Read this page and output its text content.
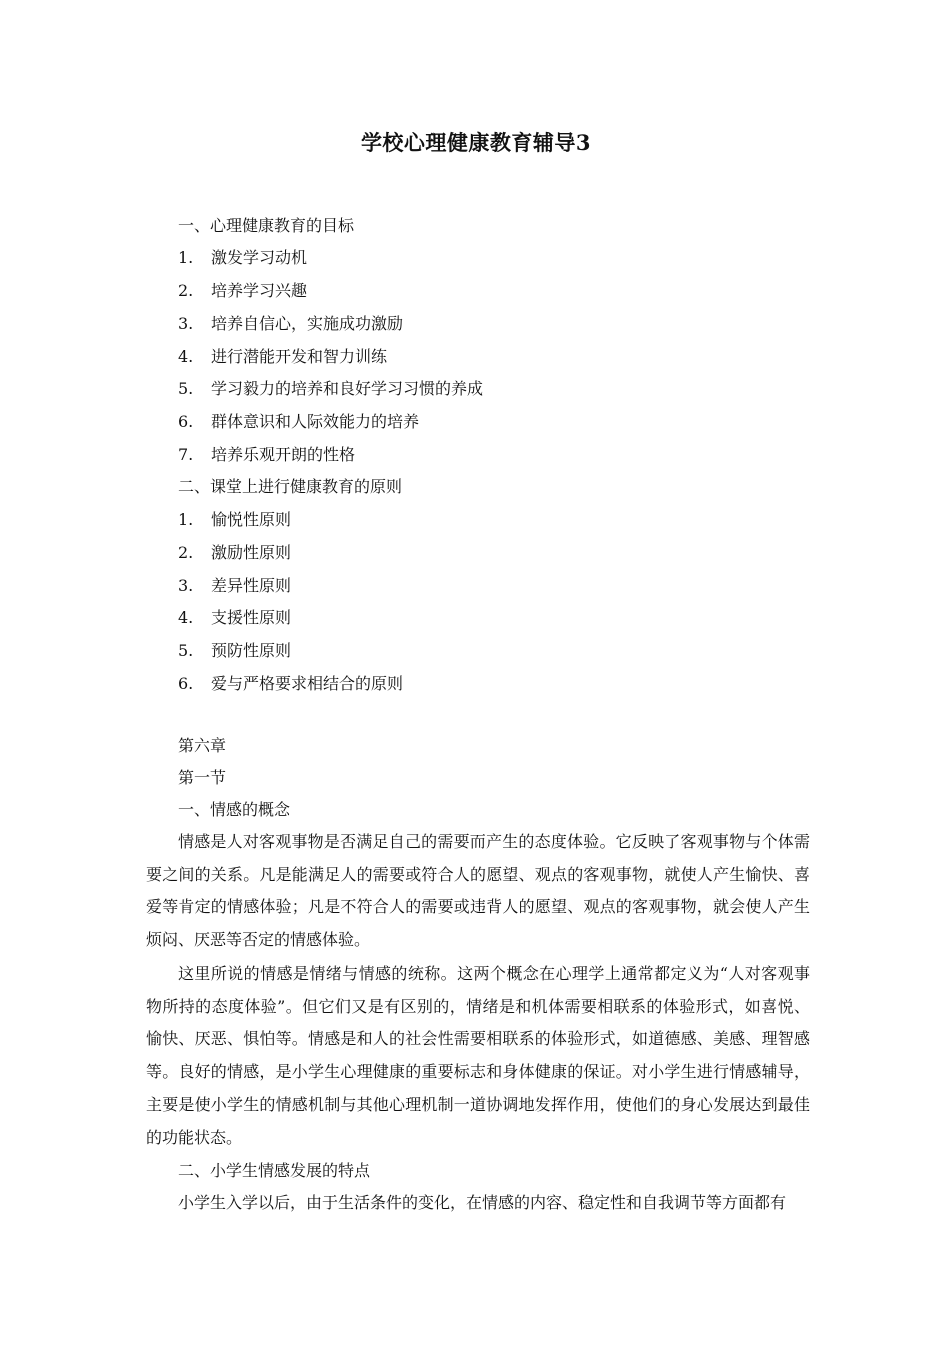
学校心理健康教育辅导3
一、心理健康教育的目标
1. 激发学习动机
2. 培养学习兴趣
3. 培养自信心，实施成功激励
4. 进行潜能开发和智力训练
5. 学习毅力的培养和良好学习习惯的养成
6. 群体意识和人际效能力的培养
7. 培养乐观开朗的性格
二、课堂上进行健康教育的原则
1. 愉悦性原则
2. 激励性原则
3. 差异性原则
4. 支援性原则
5. 预防性原则
6. 爱与严格要求相结合的原则
第六章
第一节
一、情感的概念

情感是人对客观事物是否满足自己的需要而产生的态度体验。它反映了客观事物与个体需要之间的关系。凡是能满足人的需要或符合人的愿望、观点的客观事物，就使人产生愉快、喜爱等肯定的情感体验；凡是不符合人的需要或违背人的愿望、观点的客观事物，就会使人产生烦闷、厌恶等否定的情感体验。

这里所说的情感是情绪与情感的统称。这两个概念在心理学上通常都定义为“人对客观事物所持的态度体验”。但它们又是有区别的，情绪是和机体需要相联系的体验形式，如喜悦、愉快、厌恶、惧怕等。情感是和人的社会性需要相联系的体验形式，如道德感、美感、理智感等。良好的情感，是小学生心理健康的重要标志和身体健康的保证。对小学生进行情感辅导，主要是使小学生的情感机制与其他心理机制一道协调地发挥作用，使他们的身心发展达到最佳的功能状态。

二、小学生情感发展的特点

小学生入学以后，由于生活条件的变化，在情感的内容、稳定性和自我调节等方面都有
